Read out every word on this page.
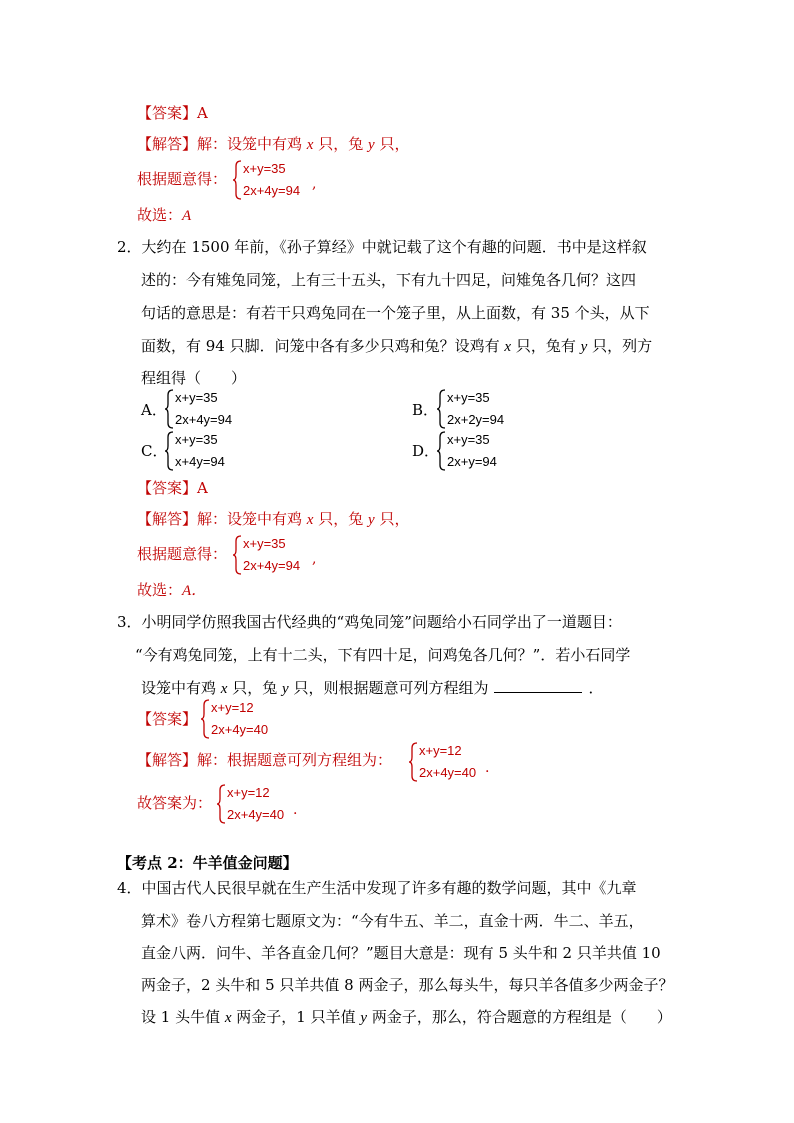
【答案】A
【解答】解：设笼中有鸡 x 只，兔 y 只，
根据题意得：
x+y=35
2x+4y=94 ,
故选：A
2．大约在 1500 年前，《孙子算经》中就记载了这个有趣的问题．书中是这样叙
述的：今有雉兔同笼，上有三十五头，下有九十四足，问雉兔各几何？这四
句话的意思是：有若干只鸡兔同在一个笼子里，从上面数，有 35 个头，从下
面数，有 94 只脚．问笼中各有多少只鸡和兔？设鸡有 x 只，兔有 y 只，列方
程组得（　　）
A．
x+y=35
2x+4y=94
B．
x+y=35
2x+2y=94
C．
x+y=35
x+4y=94
D．
x+y=35
2x+y=94
【答案】A
【解答】解：设笼中有鸡 x 只，兔 y 只，
根据题意得：
x+y=35
2x+4y=94 ,
故选：A．
3．小明同学仿照我国古代经典的“鸡兔同笼”问题给小石同学出了一道题目：
“今有鸡兔同笼，上有十二头，下有四十足，问鸡兔各几何？”．若小石同学
设笼中有鸡 x 只，兔 y 只，则根据题意可列方程组为	．
【答案】
x+y=12
2x+4y=40
【解答】解：根据题意可列方程组为：
x+y=12
2x+4y=40 .
故答案为：
x+y=12
2x+4y=40 .
【考点 2：牛羊值金问题】
4．中国古代人民很早就在生产生活中发现了许多有趣的数学问题，其中《九章
算术》卷八方程第七题原文为：“今有牛五、羊二，直金十两．牛二、羊五，
直金八两．问牛、羊各直金几何？”题目大意是：现有 5 头牛和 2 只羊共值 10
两金子，2 头牛和 5 只羊共值 8 两金子，那么每头牛，每只羊各值多少两金子？
设 1 头牛值 x 两金子，1 只羊值 y 两金子，那么，符合题意的方程组是（　　）
